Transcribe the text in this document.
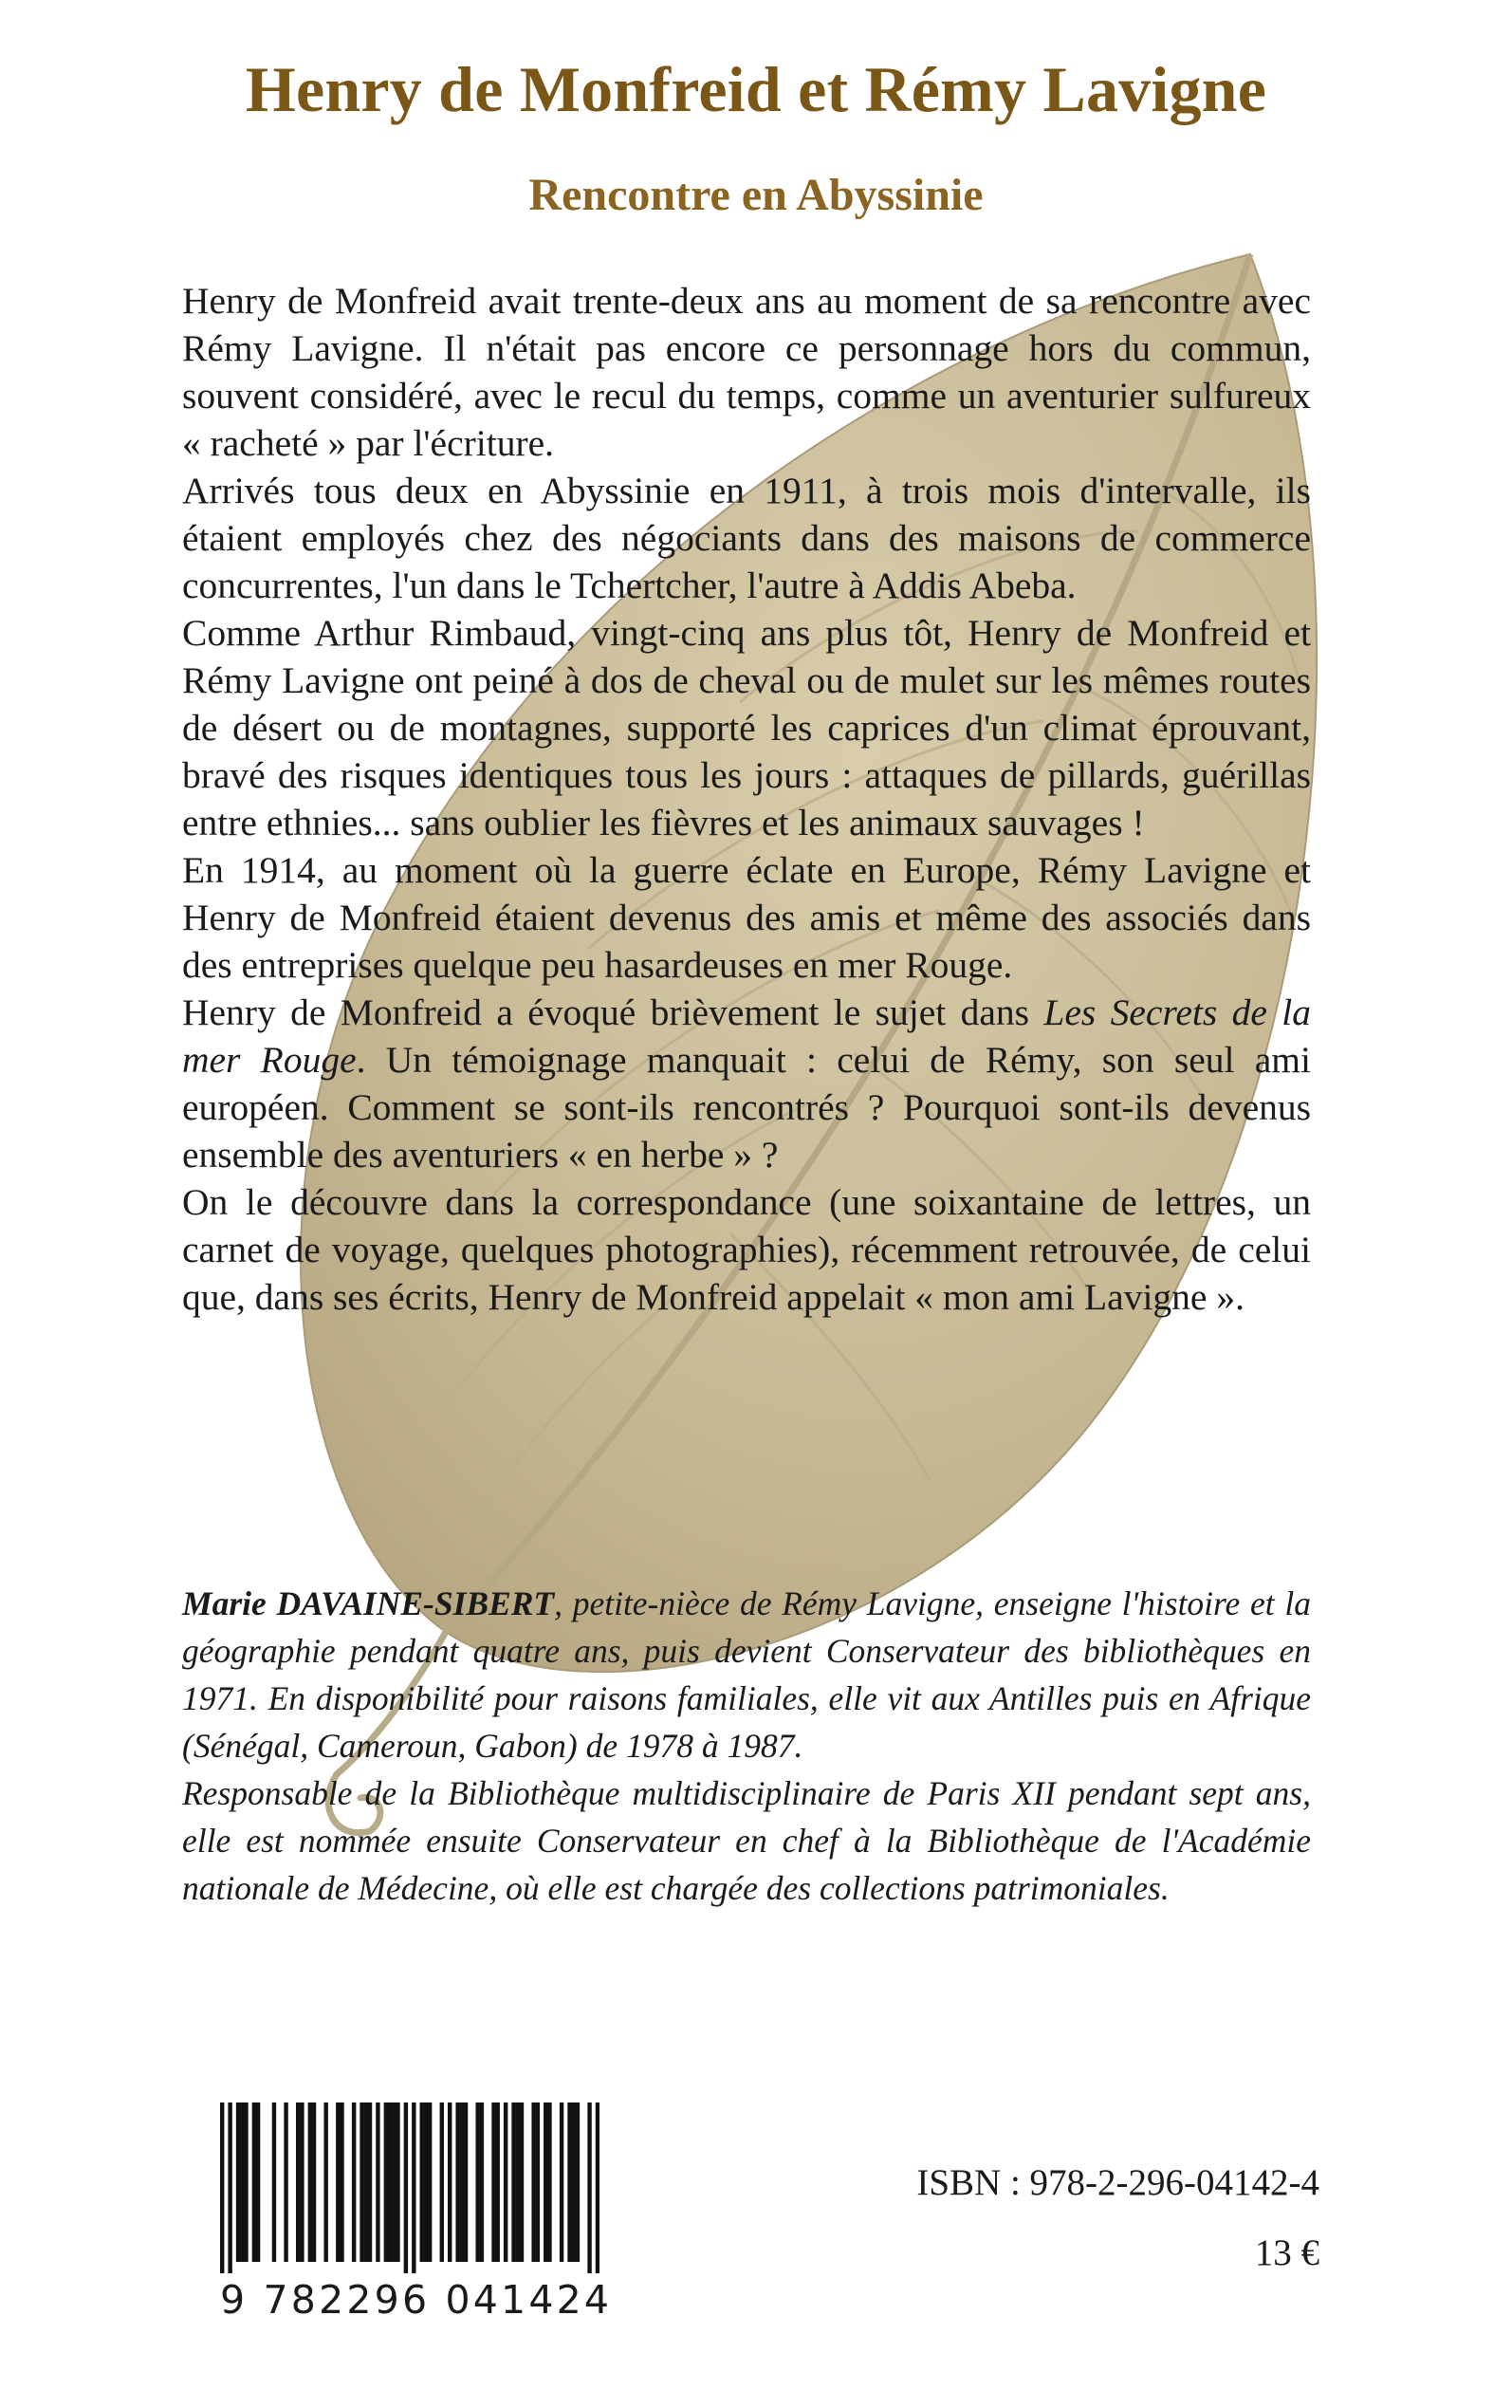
Henry de Monfreid et Rémy Lavigne
Rencontre en Abyssinie

Henry de Monfreid avait trente-deux ans au moment de sa rencontre avec Rémy Lavigne. Il n'était pas encore ce personnage hors du commun, souvent considéré, avec le recul du temps, comme un aventurier sulfureux « racheté » par l'écriture.

Arrivés tous deux en Abyssinie en 1911, à trois mois d'intervalle, ils étaient employés chez des négociants dans des maisons de commerce concurrentes, l'un dans le Tchertcher, l'autre à Addis Abeba.

Comme Arthur Rimbaud, vingt-cinq ans plus tôt, Henry de Monfreid et Rémy Lavigne ont peiné à dos de cheval ou de mulet sur les mêmes routes de désert ou de montagnes, supporté les caprices d'un climat éprouvant, bravé des risques identiques tous les jours : attaques de pillards, guérillas entre ethnies... sans oublier les fièvres et les animaux sauvages !

En 1914, au moment où la guerre éclate en Europe, Rémy Lavigne et Henry de Monfreid étaient devenus des amis et même des associés dans des entreprises quelque peu hasardeuses en mer Rouge.

Henry de Monfreid a évoqué brièvement le sujet dans Les Secrets de la mer Rouge. Un témoignage manquait : celui de Rémy, son seul ami européen. Comment se sont-ils rencontrés ? Pourquoi sont-ils devenus ensemble des aventuriers « en herbe » ?

On le découvre dans la correspondance (une soixantaine de lettres, un carnet de voyage, quelques photographies), récemment retrouvée, de celui que, dans ses écrits, Henry de Monfreid appelait « mon ami Lavigne ».

Marie DAVAINE-SIBERT, petite-nièce de Rémy Lavigne, enseigne l'histoire et la géographie pendant quatre ans, puis devient Conservateur des bibliothèques en 1971. En disponibilité pour raisons familiales, elle vit aux Antilles puis en Afrique (Sénégal, Cameroun, Gabon) de 1978 à 1987.

Responsable de la Bibliothèque multidisciplinaire de Paris XII pendant sept ans, elle est nommée ensuite Conservateur en chef à la Bibliothèque de l'Académie nationale de Médecine, où elle est chargée des collections patrimoniales.

9 782296 041424
ISBN : 978-2-296-04142-4
13 €
